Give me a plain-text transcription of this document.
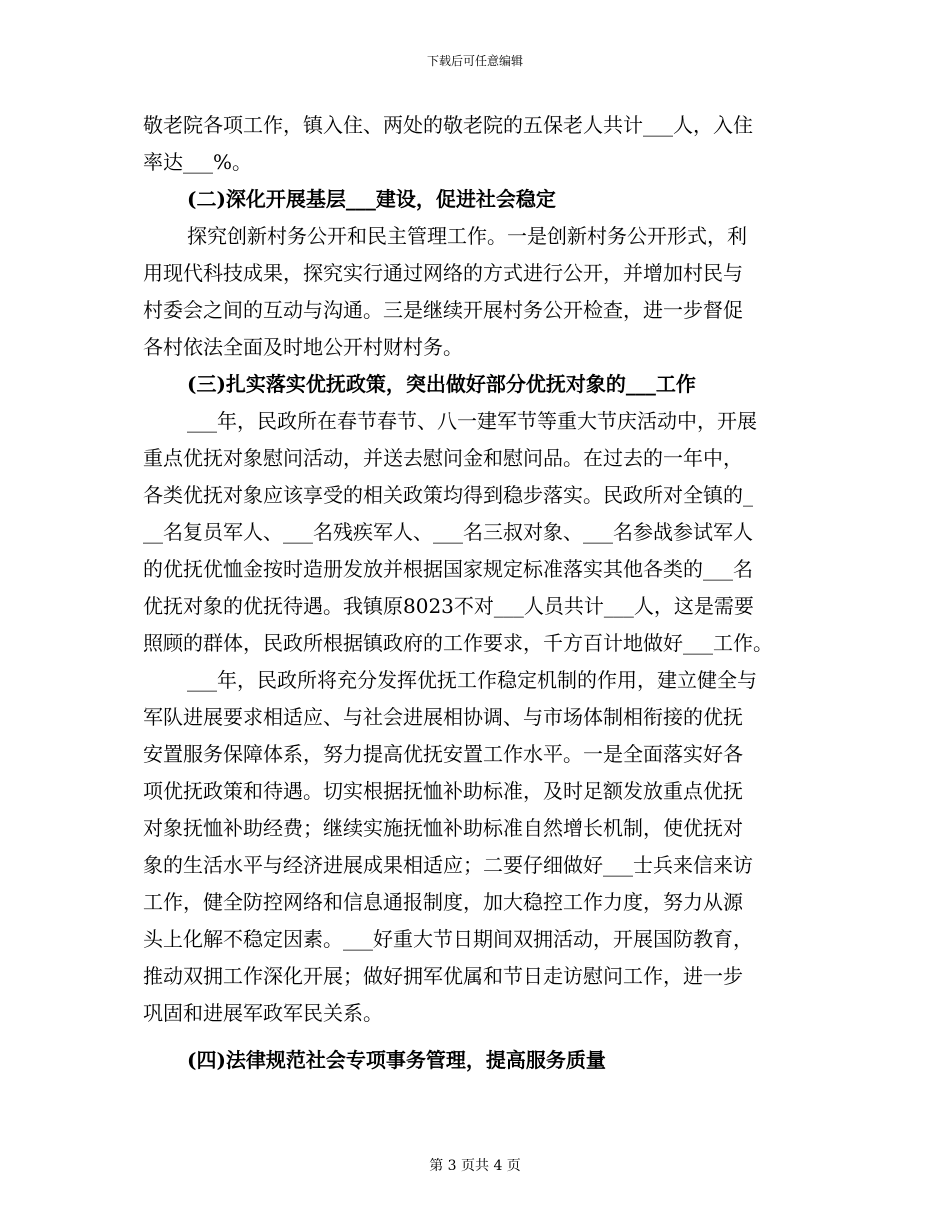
下载后可任意编辑
敬老院各项工作，镇入住、两处的敬老院的五保老人共计___人，入住
率达___%。
(二)深化开展基层___建设，促进社会稳定
探究创新村务公开和民主管理工作。一是创新村务公开形式，利
用现代科技成果，探究实行通过网络的方式进行公开，并增加村民与
村委会之间的互动与沟通。三是继续开展村务公开检查，进一步督促
各村依法全面及时地公开村财村务。
(三)扎实落实优抚政策，突出做好部分优抚对象的___工作
___年，民政所在春节春节、八一建军节等重大节庆活动中，开展
重点优抚对象慰问活动，并送去慰问金和慰问品。在过去的一年中，
各类优抚对象应该享受的相关政策均得到稳步落实。民政所对全镇的_
__名复员军人、___名残疾军人、___名三叔对象、___名参战参试军人
的优抚优恤金按时造册发放并根据国家规定标准落实其他各类的___名
优抚对象的优抚待遇。我镇原8023不对___人员共计___人，这是需要
照顾的群体，民政所根据镇政府的工作要求，千方百计地做好___工作。
___年，民政所将充分发挥优抚工作稳定机制的作用，建立健全与
军队进展要求相适应、与社会进展相协调、与市场体制相衔接的优抚
安置服务保障体系，努力提高优抚安置工作水平。一是全面落实好各
项优抚政策和待遇。切实根据抚恤补助标准，及时足额发放重点优抚
对象抚恤补助经费；继续实施抚恤补助标准自然增长机制，使优抚对
象的生活水平与经济进展成果相适应；二要仔细做好___士兵来信来访
工作，健全防控网络和信息通报制度，加大稳控工作力度，努力从源
头上化解不稳定因素。___好重大节日期间双拥活动，开展国防教育，
推动双拥工作深化开展；做好拥军优属和节日走访慰问工作，进一步
巩固和进展军政军民关系。
(四)法律规范社会专项事务管理，提高服务质量
第 3 页共 4 页
